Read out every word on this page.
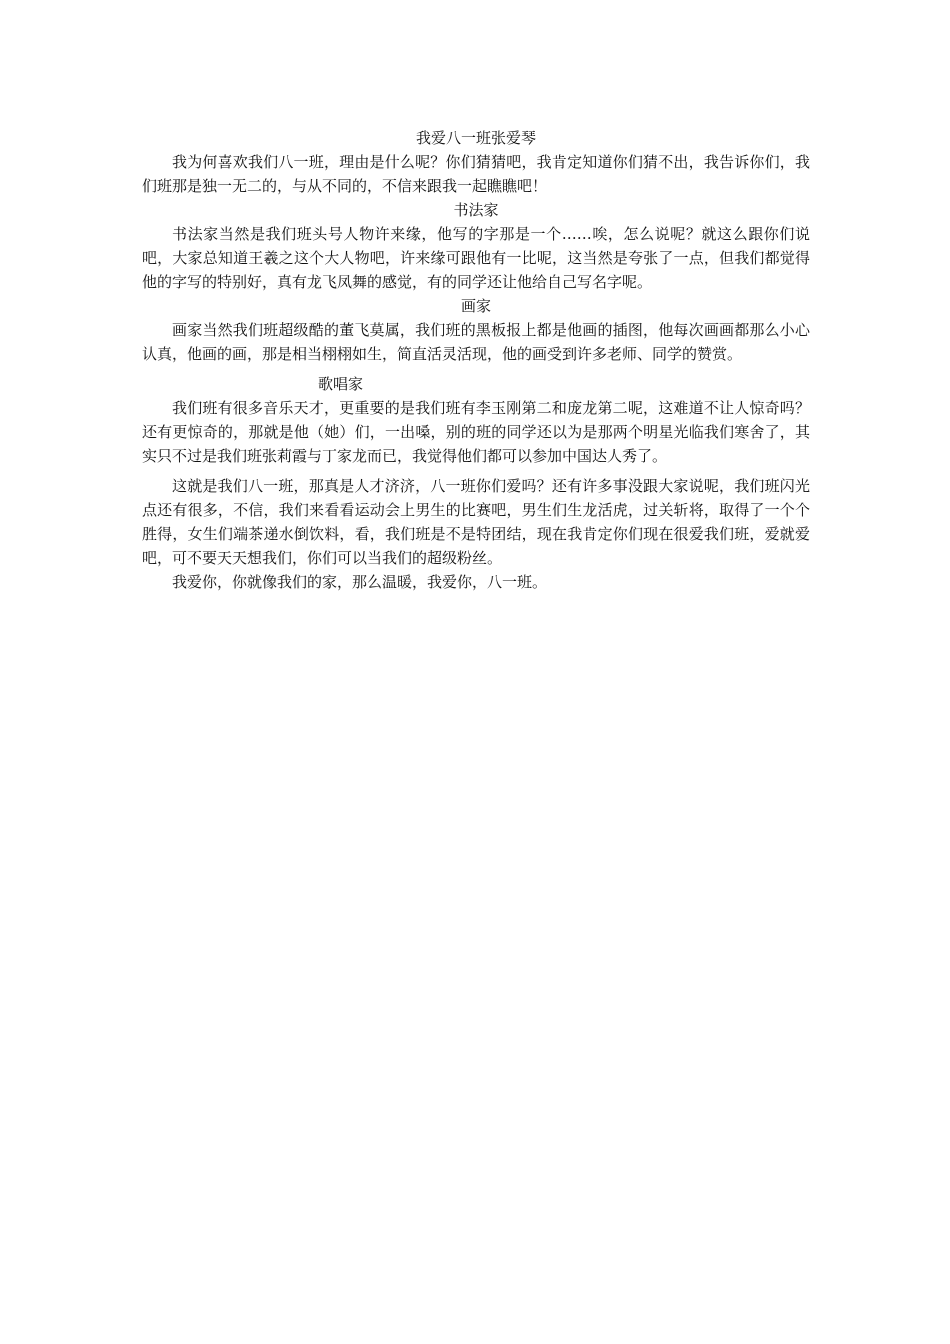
我爱八一班张爱琴

我为何喜欢我们八一班，理由是什么呢？你们猜猜吧，我肯定知道你们猜不出，我告诉你们，我们班那是独一无二的，与从不同的，不信来跟我一起瞧瞧吧！

书法家

书法家当然是我们班头号人物许来缘，他写的字那是一个……唉，怎么说呢？就这么跟你们说吧，大家总知道王羲之这个大人物吧，许来缘可跟他有一比呢，这当然是夸张了一点，但我们都觉得他的字写的特别好，真有龙飞凤舞的感觉，有的同学还让他给自己写名字呢。

画家

画家当然我们班超级酷的董飞莫属，我们班的黑板报上都是他画的插图，他每次画画都那么小心认真，他画的画，那是相当栩栩如生，简直活灵活现，他的画受到许多老师、同学的赞赏。

歌唱家

我们班有很多音乐天才，更重要的是我们班有李玉刚第二和庞龙第二呢，这难道不让人惊奇吗？还有更惊奇的，那就是他（她）们，一出嗓，别的班的同学还以为是那两个明星光临我们寒舍了，其实只不过是我们班张莉霞与丁家龙而已，我觉得他们都可以参加中国达人秀了。

这就是我们八一班，那真是人才济济，八一班你们爱吗？还有许多事没跟大家说呢，我们班闪光点还有很多，不信，我们来看看运动会上男生的比赛吧，男生们生龙活虎，过关斩将，取得了一个个胜得，女生们端茶递水倒饮料，看，我们班是不是特团结，现在我肯定你们现在很爱我们班，爱就爱吧，可不要天天想我们，你们可以当我们的超级粉丝。

我爱你，你就像我们的家，那么温暖，我爱你，八一班。
